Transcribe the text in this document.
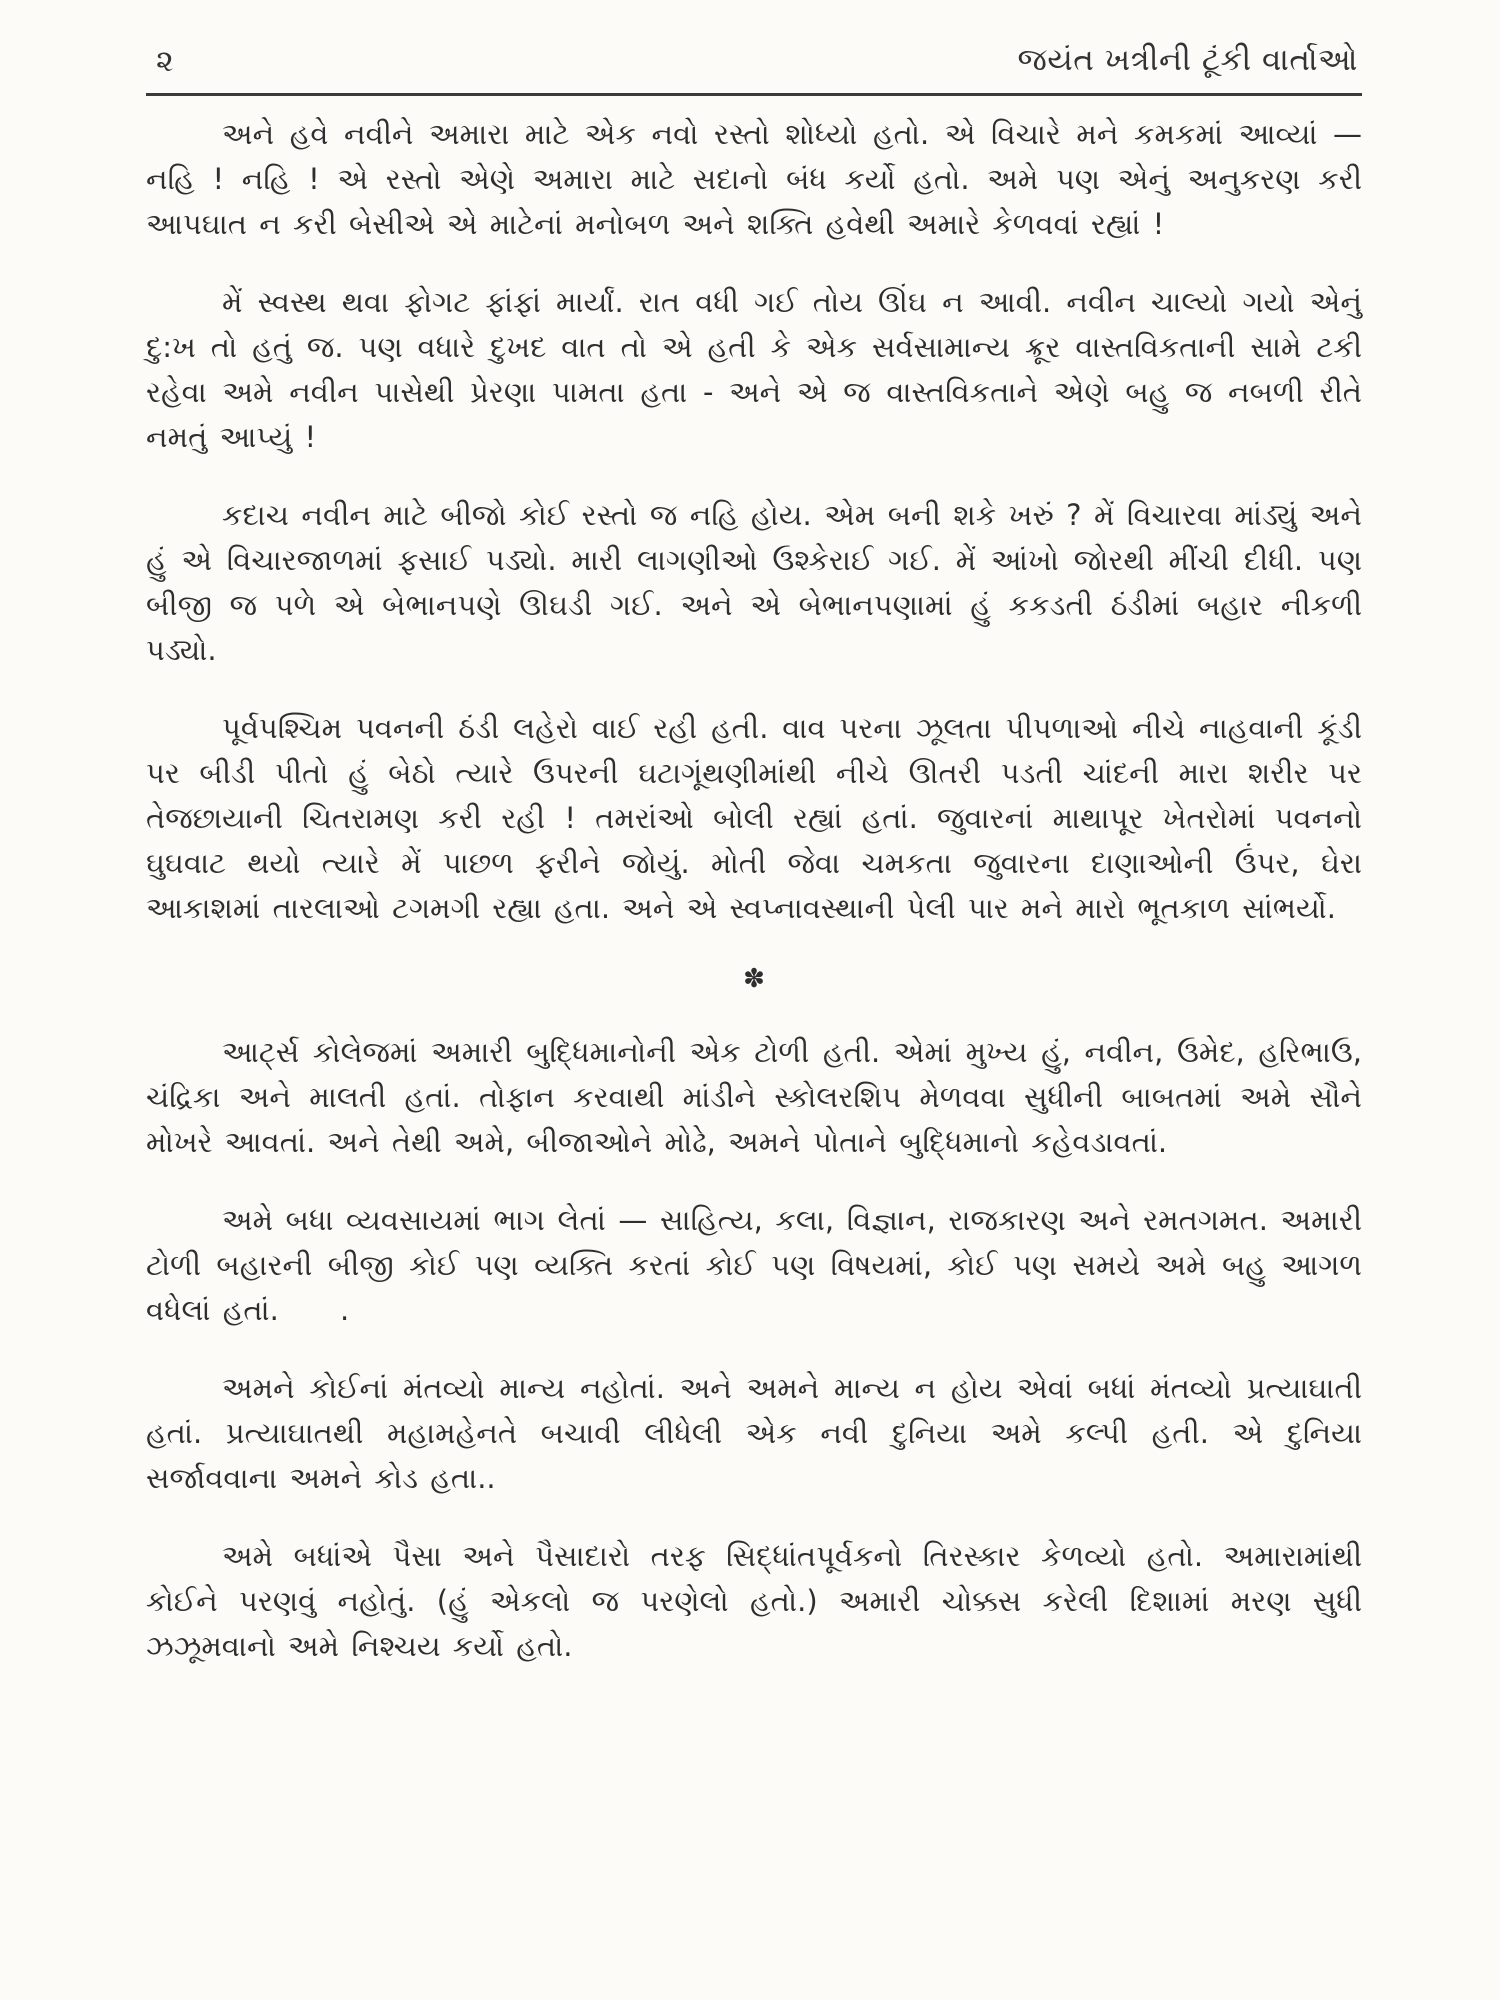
૨	જયંત ખત્રીની ટૂંકી વાર્તાઓ

અને હવે નવીને અમારા માટે એક નવો રસ્તો શોધ્યો હતો. એ વિચારે મને કમકમાં આવ્યાં — નહિ ! નહિ ! એ રસ્તો એણે અમારા માટે સદાનો બંધ કર્યો હતો. અમે પણ એનું અનુકરણ કરી આપઘાત ન કરી બેસીએ એ માટેનાં મનોબળ અને શક્તિ હવેથી અમારે કેળવવાં રહ્યાં !

મેં સ્વસ્થ થવા ફોગટ ફાંફાં માર્યાં. રાત વધી ગઈ તોય ઊંઘ ન આવી. નવીન ચાલ્યો ગયો એનું દુ:ખ તો હતું જ. પણ વધારે દુખદ વાત તો એ હતી કે એક સર્વસામાન્ય ક્રૂર વાસ્તવિકતાની સામે ટકી રહેવા અમે નવીન પાસેથી પ્રેરણા પામતા હતા - અને એ જ વાસ્તવિકતાને એણે બહુ જ નબળી રીતે નમતું આપ્યું !

કદાચ નવીન માટે બીજો કોઈ રસ્તો જ નહિ હોય. એમ બની શકે ખરું ? મેં વિચારવા માંડ્યું અને હું એ વિચારજાળમાં ફસાઈ પડ્યો. મારી લાગણીઓ ઉશ્કેરાઈ ગઈ. મેં આંખો જોરથી મીંચી દીધી. પણ બીજી જ પળે એ બેભાનપણે ઊઘડી ગઈ. અને એ બેભાનપણામાં હું કકડતી ઠંડીમાં બહાર નીકળી પડ્યો.

પૂર્વપશ્ચિમ પવનની ઠંડી લહેરો વાઈ રહી હતી. વાવ પરના ઝૂલતા પીપળાઓ નીચે નાહવાની કૂંડી પર બીડી પીતો હું બેઠો ત્યારે ઉપરની ઘટાગૂંથણીમાંથી નીચે ઊતરી પડતી ચાંદની મારા શરીર પર તેજછાયાની ચિતરામણ કરી રહી ! તમરાંઓ બોલી રહ્યાં હતાં. જુવારનાં માથાપૂર ખેતરોમાં પવનનો ઘુઘવાટ થયો ત્યારે મેં પાછળ ફરીને જોયું. મોતી જેવા ચમકતા જુવારના દાણાઓની ઉંપર, ઘેરા આકાશમાં તારલાઓ ટગમગી રહ્યા હતા. અને એ સ્વપ્નાવસ્થાની પેલી પાર મને મારો ભૂતકાળ સાંભર્યો.

✽

આર્ટ્સ કોલેજમાં અમારી બુદ્ધિમાનોની એક ટોળી હતી. એમાં મુખ્ય હું, નવીન, ઉમેદ, હરિભાઉ, ચંદ્રિકા અને માલતી હતાં. તોફાન કરવાથી માંડીને સ્કોલરશિપ મેળવવા સુધીની બાબતમાં અમે સૌને મોખરે આવતાં. અને તેથી અમે, બીજાઓને મોઢે, અમને પોતાને બુદ્ધિમાનો કહેવડાવતાં.

અમે બધા વ્યવસાયમાં ભાગ લેતાં — સાહિત્ય, કલા, વિજ્ઞાન, રાજકારણ અને રમતગમત. અમારી ટોળી બહારની બીજી કોઈ પણ વ્યક્તિ કરતાં કોઈ પણ વિષયમાં, કોઈ પણ સમયે અમે બહુ આગળ વધેલાં હતાં.     .

અમને કોઈનાં મંતવ્યો માન્ય નહોતાં. અને અમને માન્ય ન હોય એવાં બધાં મંતવ્યો પ્રત્યાઘાતી હતાં. પ્રત્યાઘાતથી મહામહેનતે બચાવી લીધેલી એક નવી દુનિયા અમે કલ્પી હતી. એ દુનિયા સર્જાવવાના અમને કોડ હતા..

અમે બધાંએ પૈસા અને પૈસાદારો તરફ સિદ્ધાંતપૂર્વકનો તિરસ્કાર કેળવ્યો હતો. અમારામાંથી કોઈને પરણવું નહોતું. (હું એકલો જ પરણેલો હતો.) અમારી ચોક્કસ કરેલી દિશામાં મરણ સુધી ઝઝૂમવાનો અમે નિશ્ચય કર્યો હતો.
